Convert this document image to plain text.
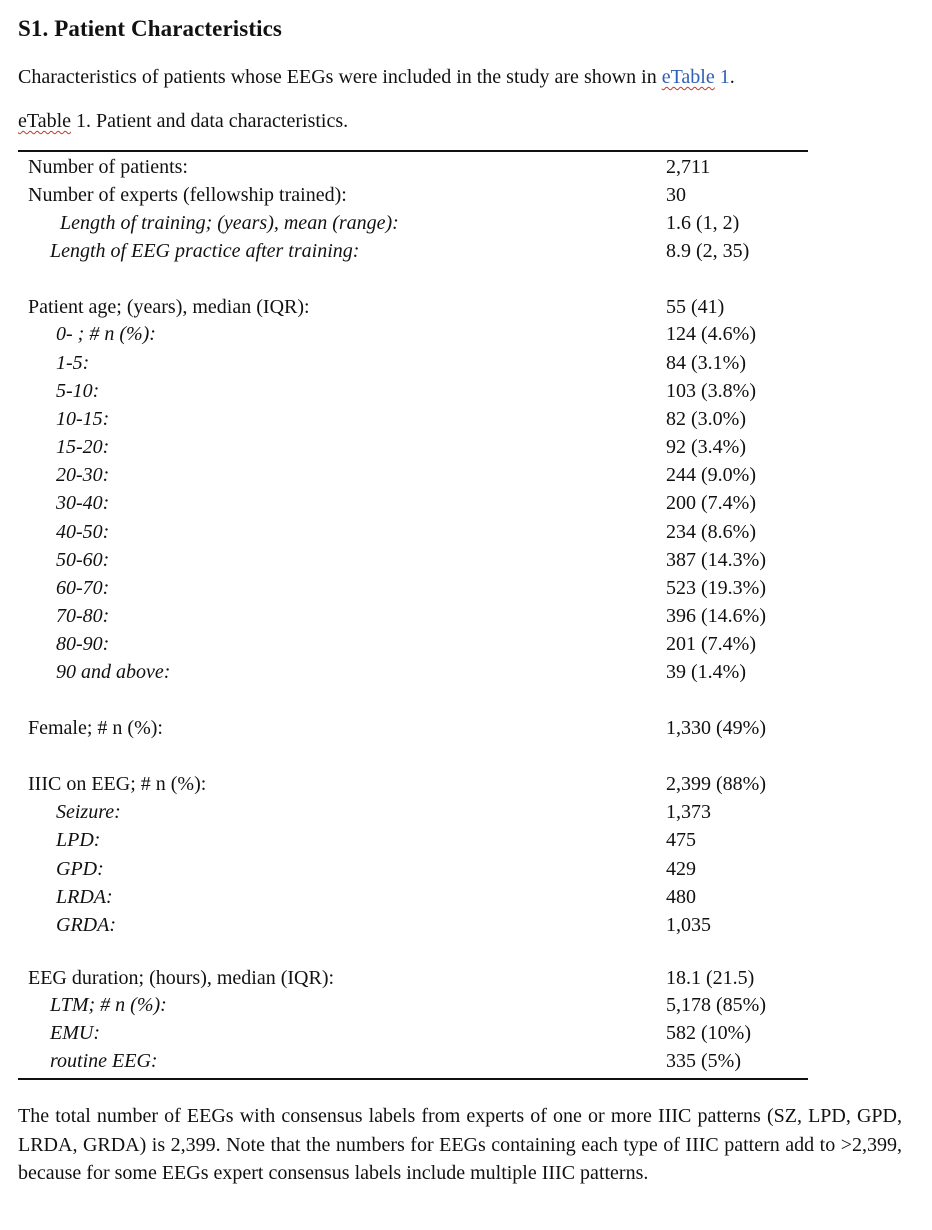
S1. Patient Characteristics

Characteristics of patients whose EEGs were included in the study are shown in eTable 1.

eTable 1. Patient and data characteristics.

Number of patients:	2,711
Number of experts (fellowship trained):	30
Length of training; (years), mean (range):	1.6 (1, 2)
Length of EEG practice after training:	8.9 (2, 35)
Patient age; (years), median (IQR):	55 (41)
0- ; # n (%):	124 (4.6%)
1-5:	84 (3.1%)
5-10:	103 (3.8%)
10-15:	82 (3.0%)
15-20:	92 (3.4%)
20-30:	244 (9.0%)
30-40:	200 (7.4%)
40-50:	234 (8.6%)
50-60:	387 (14.3%)
60-70:	523 (19.3%)
70-80:	396 (14.6%)
80-90:	201 (7.4%)
90 and above:	39 (1.4%)
Female; # n (%):	1,330 (49%)
IIIC on EEG; # n (%):	2,399 (88%)
Seizure:	1,373
LPD:	475
GPD:	429
LRDA:	480
GRDA:	1,035
EEG duration; (hours), median (IQR):	18.1 (21.5)
LTM; # n (%):	5,178 (85%)
EMU:	582 (10%)
routine EEG:	335 (5%)

The total number of EEGs with consensus labels from experts of one or more IIIC patterns (SZ, LPD, GPD, LRDA, GRDA) is 2,399. Note that the numbers for EEGs containing each type of IIIC pattern add to >2,399, because for some EEGs expert consensus labels include multiple IIIC patterns.
